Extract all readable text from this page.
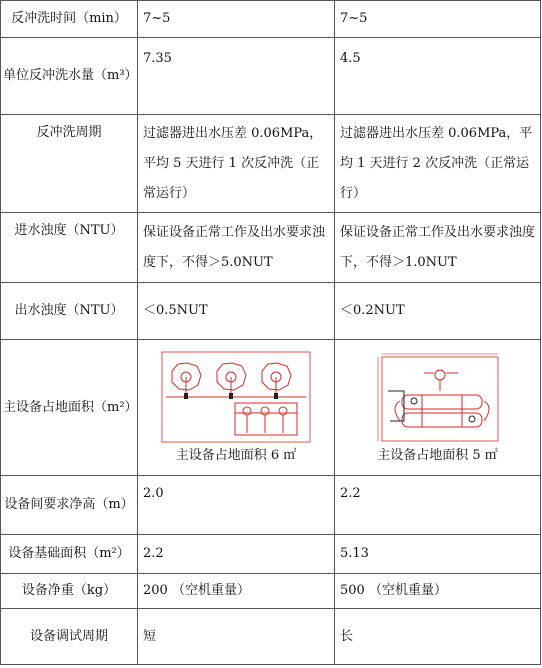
反冲洗时间（min）	7~5	7~5
单位反冲洗水量（m³）	7.35	4.5
反冲洗周期	过滤器进出水压差 0.06MPa，平均 5 天进行 1 次反冲洗（正常运行）	过滤器进出水压差 0.06MPa，平均 1 天进行 2 次反冲洗（正常运行）
进水浊度（NTU）	保证设备正常工作及出水要求浊度下，不得＞5.0NUT	保证设备正常工作及出水要求浊度下，不得＞1.0NUT
出水浊度（NTU）	＜0.5NUT	＜0.2NUT
主设备占地面积（m²）	主设备占地面积 6 ㎡	主设备占地面积 5 ㎡

设备间要求净高（m）	2.0	2.2
设备基础面积（m²）	2.2	5.13
设备净重（kg）	200 （空机重量）	500 （空机重量）
设备调试周期	短	长
